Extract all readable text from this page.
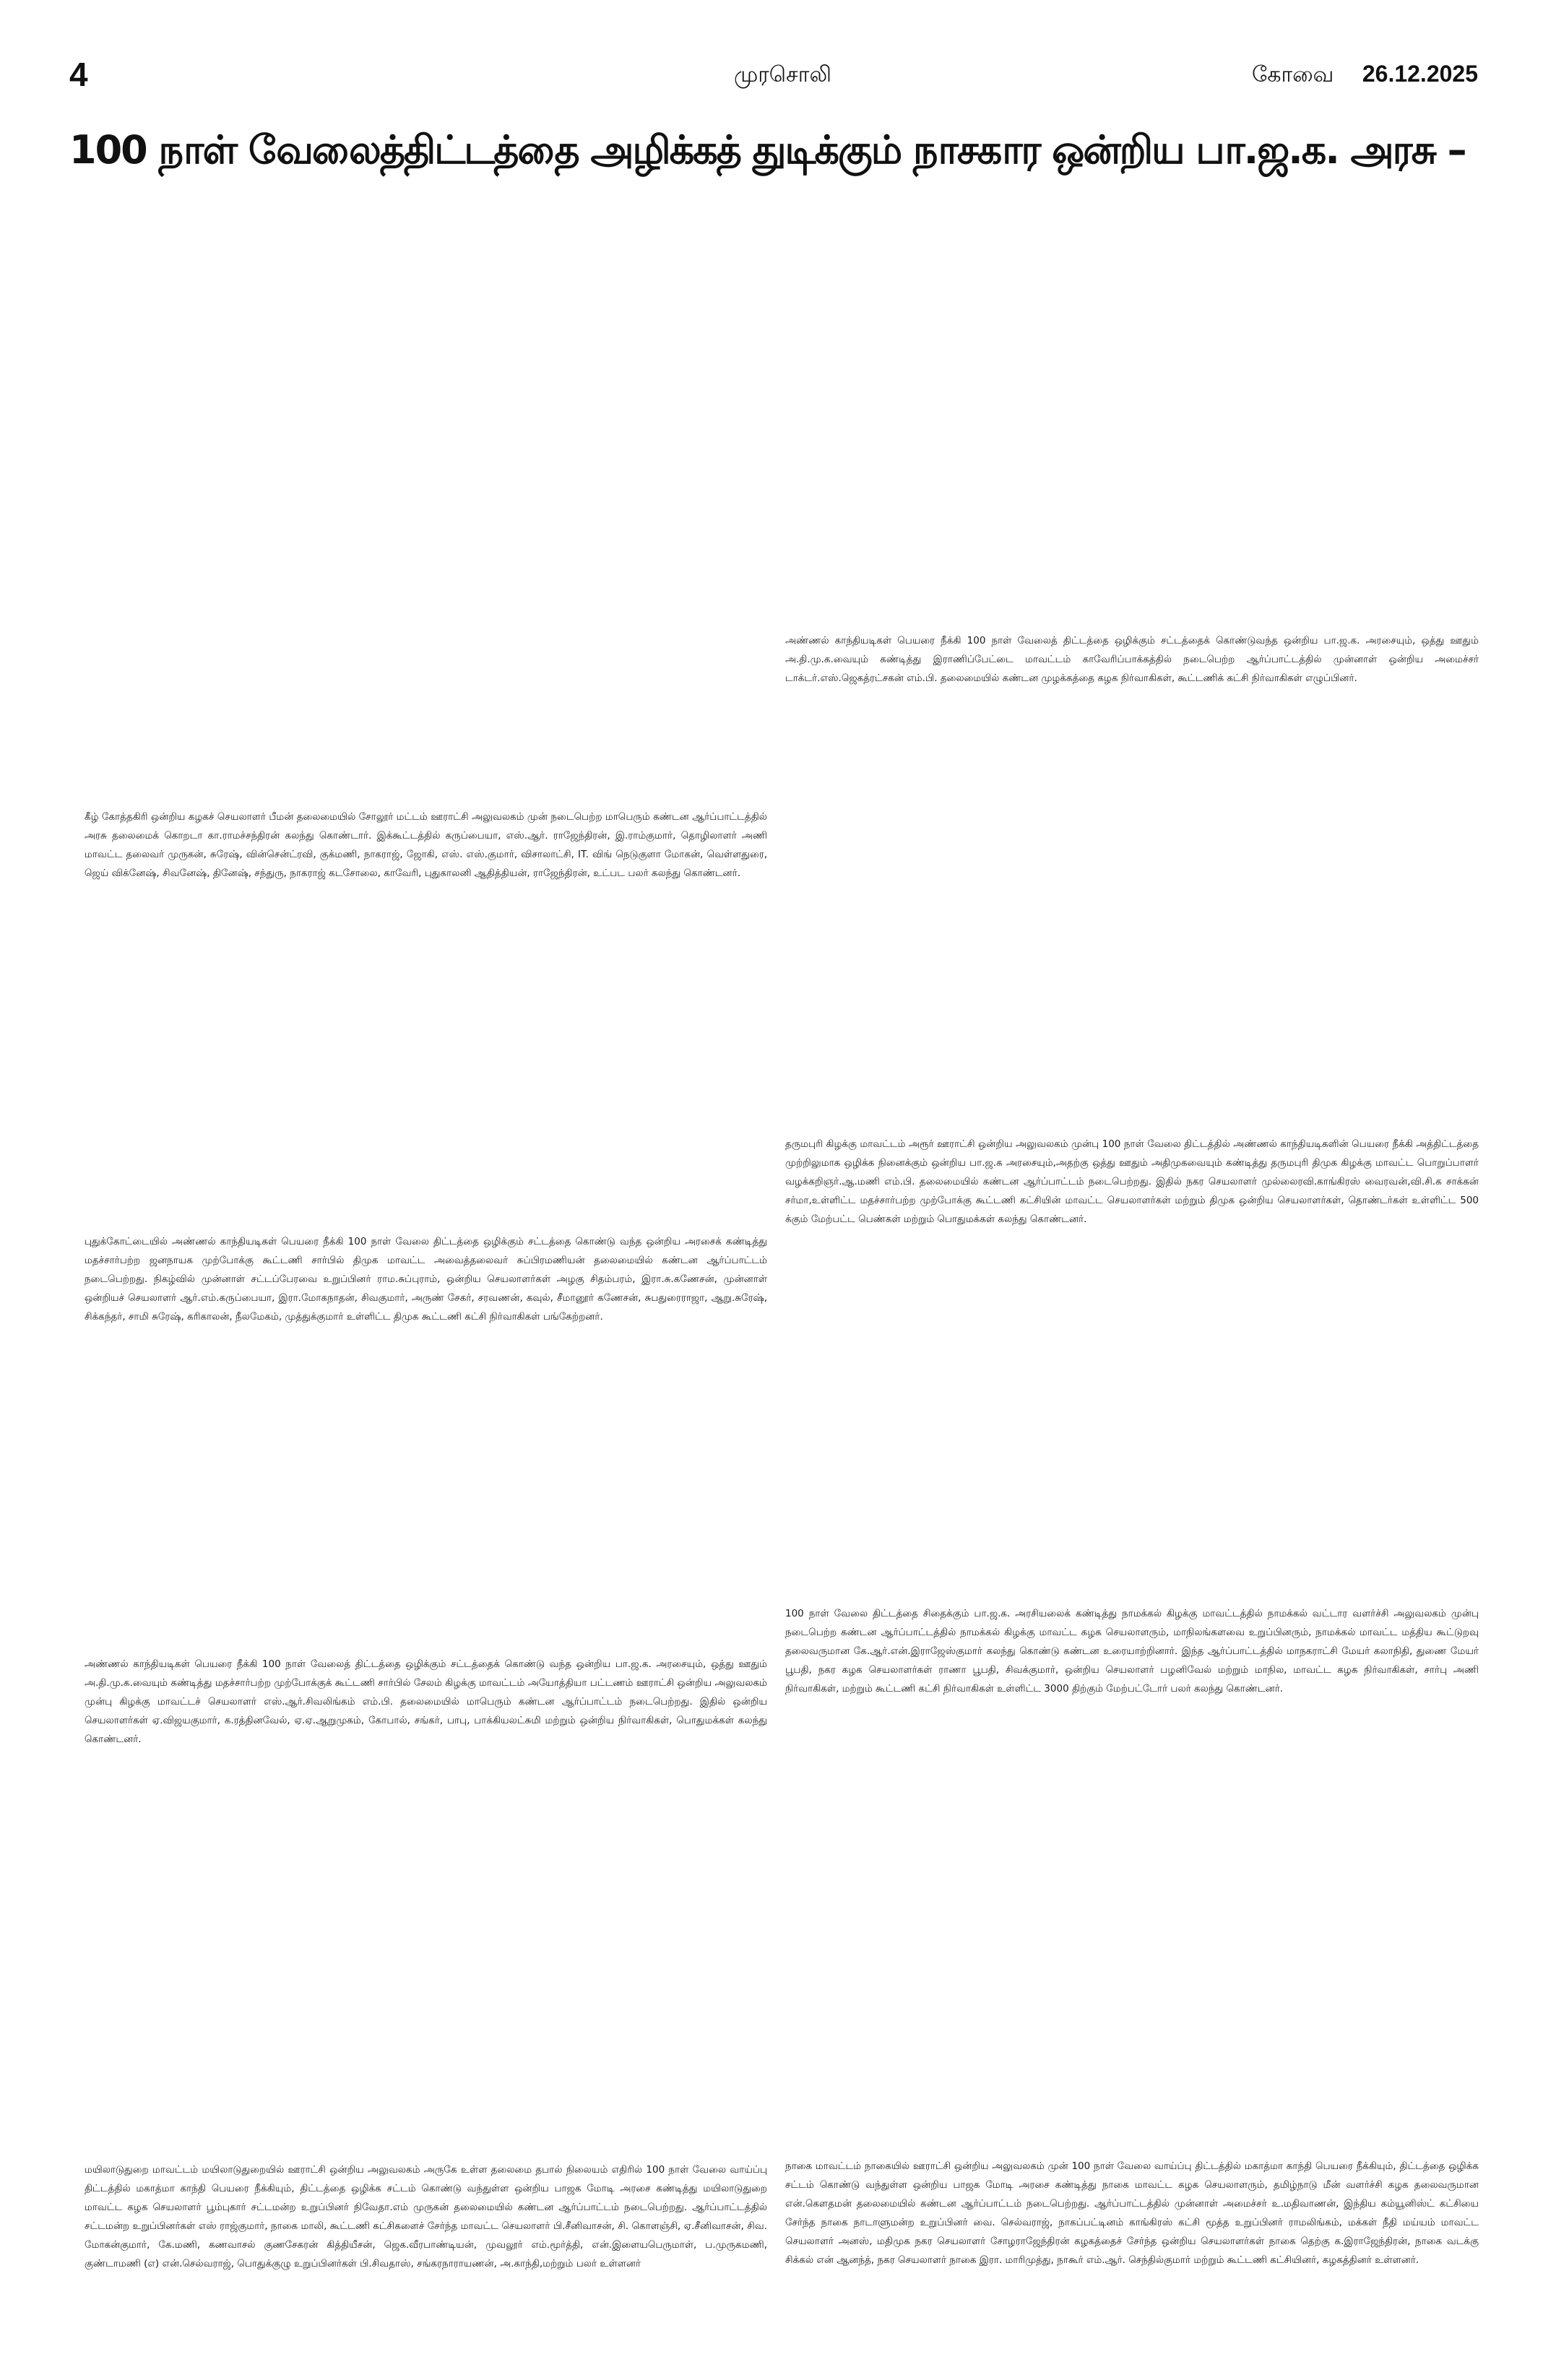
4	முரசொலி	கோவை 26.12.2025
100 நாள் வேலைத்திட்டத்தை அழிக்கத் துடிக்கும் நாசகார ஒன்றிய பா.ஜ.க. அரசு –

அண்ணல் காந்தியடிகள் பெயரை நீக்கி 100 நாள் வேலைத் திட்டத்தை ஒழிக்கும் சட்டத்தைக் கொண்டுவந்த ஒன்றிய பா.ஜ.க. அரசையும், ஒத்து ஊதும் அ.தி.மு.க.வையும் கண்டித்து இராணிப்பேட்டை மாவட்டம் காவேரிப்பாக்கத்தில் நடைபெற்ற ஆர்ப்பாட்டத்தில் முன்னாள் ஒன்றிய அமைச்சர் டாக்டர்.எஸ்.ஜெகத்ரட்சகன் எம்.பி. தலைமையில் கண்டன முழக்கத்தை கழக நிர்வாகிகள், கூட்டணிக் கட்சி நிர்வாகிகள் எழுப்பினர்.

கீழ் கோத்தகிரி ஒன்றிய கழகச் செயலாளர் பீமன் தலைமையில் சோலூர் மட்டம் ஊராட்சி அலுவலகம் முன் நடைபெற்ற மாபெரும் கண்டன ஆர்ப்பாட்டத்தில் அரசு தலைமைக் கொறடா கா.ராமச்சந்திரன் கலந்து கொண்டார். இக்கூட்டத்தில் கருப்பையா, எஸ்.ஆர். ராஜேந்திரன், இ.ராம்குமார், தொழிலாளர் அணி மாவட்ட தலைவர் முருகன், சுரேஷ், வின்சென்ட்ரவி, குக்மணி, நாகராஜ், ஜோகி, எஸ். எஸ்.குமார், விசாலாட்சி, IT. விங் நெடுகுளா மோகன், வெள்ளதுரை, ஜெய் விக்னேஷ், சிவனேஷ், தினேஷ், சந்துரு, நாகராஜ் கடசோலை, காவேரி, புதுகாலனி ஆதித்தியன், ராஜேந்திரன், உட்பட பலர் கலந்து கொண்டனர்.

தருமபுரி கிழக்கு மாவட்டம் அரூர் ஊராட்சி ஒன்றிய அலுவலகம் முன்பு 100 நாள் வேலை திட்டத்தில் அண்ணல் காந்தியடிகளின் பெயரை நீக்கி அத்திட்டத்தை முற்றிலுமாக ஒழிக்க நினைக்கும் ஒன்றிய பா.ஜ.க அரசையும்,அதற்கு ஒத்து ஊதும் அதிமுகவையும் கண்டித்து தருமபுரி திமுக கிழக்கு மாவட்ட பொறுப்பாளர் வழக்கறிஞர்.ஆ.மணி எம்.பி. தலைமையில் கண்டன ஆர்ப்பாட்டம் நடைபெற்றது. இதில் நகர செயலாளர் முல்லைரவி.காங்கிரஸ் வைரவன்,வி.சி.க சாக்கன் சர்மா,உள்ளிட்ட மதச்சார்பற்ற முற்போக்கு கூட்டணி கட்சியின் மாவட்ட செயலாளர்கள் மற்றும் திமுக ஒன்றிய செயலாளர்கள், தொண்டர்கள் உள்ளிட்ட 500 க்கும் மேற்பட்ட பெண்கள் மற்றும் பொதுமக்கள் கலந்து கொண்டனர்.

புதுக்கோட்டையில் அண்ணல் காந்தியடிகள் பெயரை நீக்கி 100 நாள் வேலை திட்டத்தை ஒழிக்கும் சட்டத்தை கொண்டு வந்த ஒன்றிய அரசைக் கண்டித்து மதச்சார்பற்ற ஜனநாயக முற்போக்கு கூட்டணி சார்பில் திமுக மாவட்ட அவைத்தலைவர் சுப்பிரமணியன் தலைமையில் கண்டன ஆர்ப்பாட்டம் நடைபெற்றது. நிகழ்வில் முன்னாள் சட்டப்பேரவை உறுப்பினர் ராம.சுப்புராம், ஒன்றிய செயலாளர்கள் அழகு சிதம்பரம், இரா.சு.கணேசன், முன்னாள் ஒன்றியச் செயலாளர் ஆர்.எம்.கருப்பையா, இரா.மோகநாதன், சிவகுமார், அருண் சேகர், சரவணன், கவுல், சீமானூர் கணேசன், சுபதுரைராஜா, ஆறு.சுரேஷ், சிக்கந்தர், சாமி சுரேஷ், கரிகாலன், நீலமேகம், முத்துக்குமார் உள்ளிட்ட திமுக கூட்டணி கட்சி நிர்வாகிகள் பங்கேற்றனர்.

100 நாள் வேலை திட்டத்தை சிதைக்கும் பா.ஜ.க. அரசியலைக் கண்டித்து நாமக்கல் கிழக்கு மாவட்டத்தில் நாமக்கல் வட்டார வளர்ச்சி அலுவலகம் முன்பு நடைபெற்ற கண்டன ஆர்ப்பாட்டத்தில் நாமக்கல் கிழக்கு மாவட்ட கழக செயலாளரும், மாநிலங்களவை உறுப்பினரும், நாமக்கல் மாவட்ட மத்திய கூட்டுறவு தலைவருமான கே.ஆர்.என்.இராஜேஸ்குமார் கலந்து கொண்டு கண்டன உரையாற்றினார். இந்த ஆர்ப்பாட்டத்தில் மாநகராட்சி மேயர் கலாநிதி, துணை மேயர் பூபதி, நகர கழக செயலாளர்கள் ராணா பூபதி, சிவக்குமார், ஒன்றிய செயலாளர் பழனிவேல் மற்றும் மாநில, மாவட்ட கழக நிர்வாகிகள், சார்பு அணி நிர்வாகிகள், மற்றும் கூட்டணி கட்சி நிர்வாகிகள் உள்ளிட்ட 3000 திற்கும் மேற்பட்டோர் பலர் கலந்து கொண்டனர்.

அண்ணல் காந்தியடிகள் பெயரை நீக்கி 100 நாள் வேலைத் திட்டத்தை ஒழிக்கும் சட்டத்தைக் கொண்டு வந்த ஒன்றிய பா.ஜ.க. அரசையும், ஒத்து ஊதும் அ.தி.மு.க.வையும் கண்டித்து மதச்சார்பற்ற முற்போக்குக் கூட்டணி சார்பில் சேலம் கிழக்கு மாவட்டம் அயோத்தியா பட்டணம் ஊராட்சி ஒன்றிய அலுவலகம் முன்பு கிழக்கு மாவட்டச் செயலாளர் எஸ்.ஆர்.சிவலிங்கம் எம்.பி. தலைமையில் மாபெரும் கண்டன ஆர்ப்பாட்டம் நடைபெற்றது. இதில் ஒன்றிய செயலாளர்கள் ஏ.விஜயகுமார், க.ரத்தினவேல், ஏ.ஏ.ஆறுமுகம், கோபால், சங்கர், பாபு, பாக்கியலட்சுமி மற்றும் ஒன்றிய நிர்வாகிகள், பொதுமக்கள் கலந்து கொண்டனர்.

மயிலாடுதுறை மாவட்டம் மயிலாடுதுறையில் ஊராட்சி ஒன்றிய அலுவலகம் அருகே உள்ள தலைமை தபால் நிலையம் எதிரில் 100 நாள் வேலை வாய்ப்பு திட்டத்தில் மகாத்மா காந்தி பெயரை நீக்கியும், திட்டத்தை ஒழிக்க சட்டம் கொண்டு வந்துள்ள ஒன்றிய பாஜக மோடி அரசை கண்டித்து மயிலாடுதுறை மாவட்ட கழக செயலாளர் பூம்புகார் சட்டமன்ற உறுப்பினர் நிவேதா.எம் முருகன் தலைமையில் கண்டன ஆர்ப்பாட்டம் நடைபெற்றது. ஆர்ப்பாட்டத்தில் சட்டமன்ற உறுப்பினர்கள் எஸ் ராஜ்குமார், நாகை மாலி, கூட்டணி கட்சிகளைச் சேர்ந்த மாவட்ட செயலாளர் பி.சீனிவாசன், சி. கொளஞ்சி, ஏ.சீனிவாசன், சிவ. மோகன்குமார், கே.மணி, கணவாசல் குணசேகரன் கித்தியீசன், ஜெக.வீரபாண்டியன், முவலூர் எம்.மூர்த்தி, என்.இளையபெருமாள், ப.முருகமணி, குண்டாமணி (எ) என்.செல்வராஜ், பொதுக்குழு உறுப்பினர்கள் பி.சிவதாஸ், சங்கரநாராயணன், அ.காந்தி,மற்றும் பலர் உள்ளனர்

நாகை மாவட்டம் நாகையில் ஊராட்சி ஒன்றிய அலுவலகம் முன் 100 நாள் வேலை வாய்ப்பு திட்டத்தில் மகாத்மா காந்தி பெயரை நீக்கியும், திட்டத்தை ஒழிக்க சட்டம் கொண்டு வந்துள்ள ஒன்றிய பாஜக மோடி அரசை கண்டித்து நாகை மாவட்ட கழக செயலாளரும், தமிழ்நாடு மீன் வளர்ச்சி கழக தலைவருமான என்.கௌதமன் தலைமையில் கண்டன ஆர்ப்பாட்டம் நடைபெற்றது. ஆர்ப்பாட்டத்தில் முன்னாள் அமைச்சர் உ.மதிவாணன், இந்திய கம்யூனிஸ்ட் கட்சியை சேர்ந்த நாகை நாடாளுமன்ற உறுப்பினர் வை. செல்வராஜ், நாகப்பட்டினம் காங்கிரஸ் கட்சி மூத்த உறுப்பினர் ராமலிங்கம், மக்கள் நீதி மய்யம் மாவட்ட செயலாளர் அனஸ், மதிமுக நகர செயலாளர் சோழராஜேந்திரன் கழகத்தைச் சேர்ந்த ஒன்றிய செயலாளர்கள் நாகை தெற்கு க.இராஜேந்திரன், நாகை வடக்கு சிக்கல் என் ஆனந்த், நகர செயலாளர் நாகை இரா. மாரிமுத்து, நாகூர் எம்.ஆர். செந்தில்குமார் மற்றும் கூட்டணி கட்சியினர், கழகத்தினர் உள்ளனர்.
